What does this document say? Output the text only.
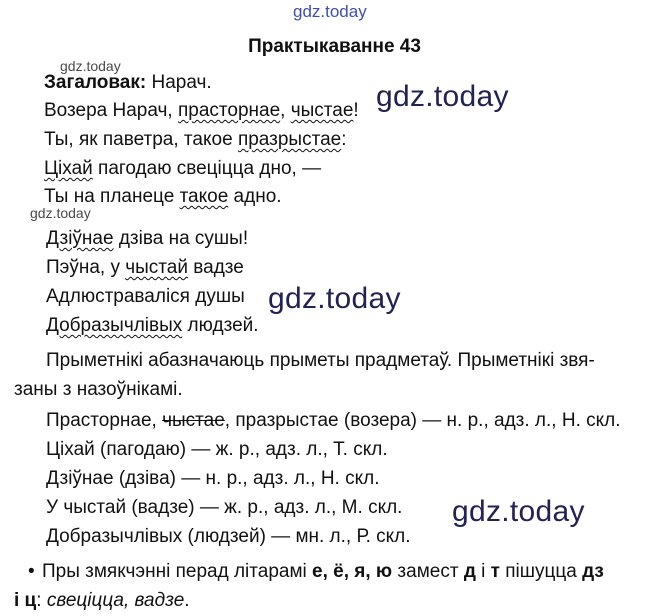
gdz.today
gdz.today
gdz.today
gdz.today
gdz.today
gdz.today
Практыкаванне 43
Загаловак: Нарач.
Возера Нарач, прасторнае, чыстае!
Ты, як паветра, такое празрыстае:
Ціхай пагодаю свеціцца дно, —
Ты на планеце такое адно.
Дзіўнае дзіва на сушы!
Пэўна, у чыстай вадзе
Адлюстраваліся душы
Добразычлівых людзей.
Прыметнікі абазначаюць прыметы прадметаў. Прыметнікі звя-
заны з назоўнікамі.
Прасторнае, чыстае, празрыстае (возера) — н. р., адз. л., Н. скл.
Ціхай (пагодаю) — ж. р., адз. л., Т. скл.
Дзіўнае (дзіва) — н. р., адз. л., Н. скл.
У чыстай (вадзе) — ж. р., адз. л., М. скл.
Добразычлівых (людзей) — мн. л., Р. скл.
• Пры змякчэнні перад літарамі е, ё, я, ю замест д і т пішуцца дз
і ц: свеціцца, вадзе.
